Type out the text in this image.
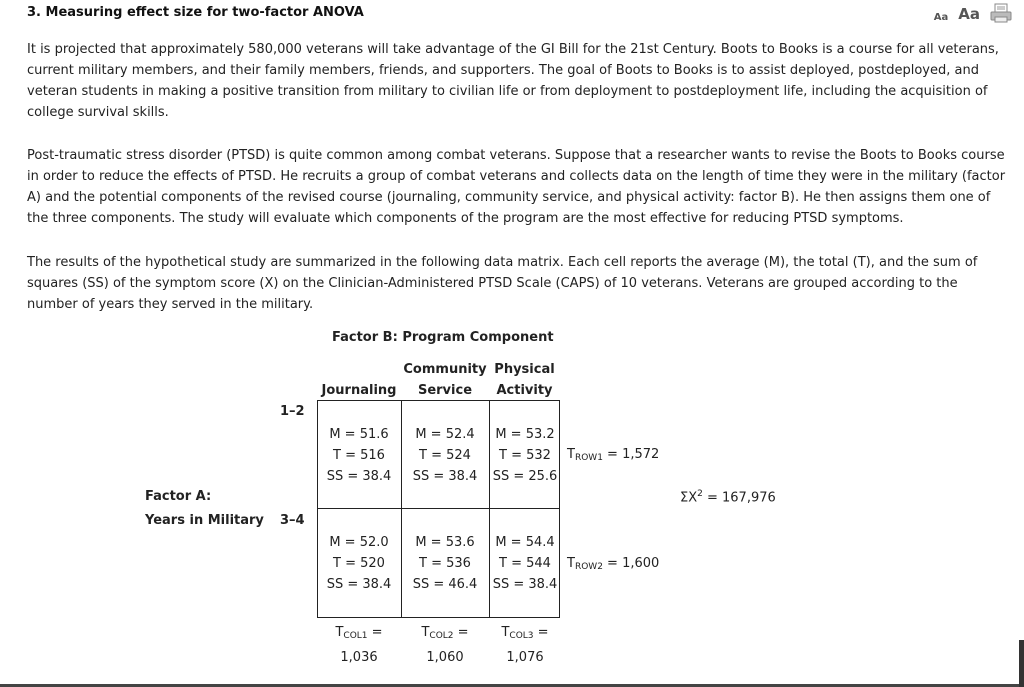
3. Measuring effect size for two-factor ANOVA	Aa Aa

It is projected that approximately 580,000 veterans will take advantage of the GI Bill for the 21st Century. Boots to Books is a course for all veterans, current military members, and their family members, friends, and supporters. The goal of Boots to Books is to assist deployed, postdeployed, and veteran students in making a positive transition from military to civilian life or from deployment to postdeployment life, including the acquisition of college survival skills.

Post-traumatic stress disorder (PTSD) is quite common among combat veterans. Suppose that a researcher wants to revise the Boots to Books course in order to reduce the effects of PTSD. He recruits a group of combat veterans and collects data on the length of time they were in the military (factor A) and the potential components of the revised course (journaling, community service, and physical activity: factor B). He then assigns them one of the three components. The study will evaluate which components of the program are the most effective for reducing PTSD symptoms.

The results of the hypothetical study are summarized in the following data matrix. Each cell reports the average (M), the total (T), and the sum of squares (SS) of the symptom score (X) on the Clinician-Administered PTSD Scale (CAPS) of 10 veterans. Veterans are grouped according to the number of years they served in the military.

Factor B: Program Component

Journaling
Community
Service
Physical
Activity
1–2
3–4
Factor A:
Years in Military
M = 51.6
T = 516
SS = 38.4
M = 52.4
T = 524
SS = 38.4
M = 53.2
T = 532
SS = 25.6
M = 52.0
T = 520
SS = 38.4
M = 53.6
T = 536
SS = 46.4
M = 54.4
T = 544
SS = 38.4
$T_{ROW1} = 1,572$
$T_{ROW2} = 1,600$
$\Sigma X^2 = 167,976$
$T_{COL1}$ =
1,036
$T_{COL2}$ =
1,060
$T_{COL3}$ =
1,076
